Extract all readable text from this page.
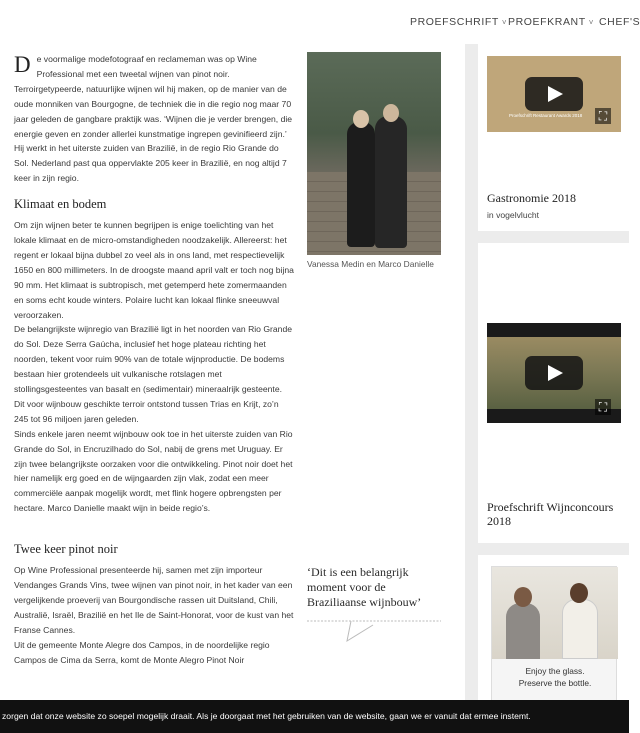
PROEFSCHRIFT ˅ PROEFKRANT ˅ CHEF'S

De voormalige modefotograaf en reclameman was op Wine Professional met een tweetal wijnen van pinot noir. Terroirgetypeerde, natuurlijke wijnen wil hij maken, op de manier van de oude monniken van Bourgogne, de techniek die in die regio nog maar 70 jaar geleden de gangbare praktijk was. ‘Wijnen die je verder brengen, die energie geven en zonder allerlei kunstmatige ingrepen gevinifieerd zijn.’ Hij werkt in het uiterste zuiden van Brazilië, in de regio Rio Grande do Sol. Nederland past qua oppervlakte 205 keer in Brazilië, en nog altijd 7 keer in zijn regio.

Klimaat en bodem

Om zijn wijnen beter te kunnen begrijpen is enige toelichting van het lokale klimaat en de micro-omstandigheden noodzakelijk. Allereerst: het regent er lokaal bijna dubbel zo veel als in ons land, met respectievelijk 1650 en 800 millimeters. In de droogste maand april valt er toch nog bijna 90 mm. Het klimaat is subtropisch, met getemperd hete zomermaanden en soms echt koude winters. Polaire lucht kan lokaal flinke sneeuwval veroorzaken.

De belangrijkste wijnregio van Brazilië ligt in het noorden van Rio Grande do Sol. Deze Serra Gaúcha, inclusief het hoge plateau richting het noorden, tekent voor ruim 90% van de totale wijnproductie. De bodems bestaan hier grotendeels uit vulkanische rotslagen met stollingsgesteentes van basalt en (sedimentair) mineraalrijk gesteente. Dit voor wijnbouw geschikte terroir ontstond tussen Trias en Krijt, zo’n 245 tot 96 miljoen jaren geleden.

Sinds enkele jaren neemt wijnbouw ook toe in het uiterste zuiden van Rio Grande do Sol, in Encruzilhado do Sol, nabij de grens met Uruguay. Er zijn twee belangrijkste oorzaken voor die ontwikkeling. Pinot noir doet het hier namelijk erg goed en de wijngaarden zijn vlak, zodat een meer commerciële aanpak mogelijk wordt, met flink hogere opbrengsten per hectare. Marco Danielle maakt wijn in beide regio’s.

Twee keer pinot noir

Op Wine Professional presenteerde hij, samen met zijn importeur Vendanges Grands Vins, twee wijnen van pinot noir, in het kader van een vergelijkende proeverij van Bourgondische rassen uit Duitsland, Chili, Australië, Israël, Brazilië en het Ile de Saint-Honorat, voor de kust van het Franse Cannes.

Uit de gemeente Monte Alegre dos Campos, in de noordelijke regio Campos de Cima da Serra, komt de Monte Alegro Pinot Noir

Vanessa Medin en Marco Danielle
‘Dit is een belangrijk moment voor de Braziliaanse wijnbouw’
Proefschrift Restaurant Awards 2018	⛶
Gastronomie 2018
in vogelvlucht
⛶
Proefschrift Wijnconcours 2018
Enjoy the glass.
Preserve the bottle.
zorgen dat onze website zo soepel mogelijk draait. Als je doorgaat met het gebruiken van de website, gaan we er vanuit dat ermee instemt.
